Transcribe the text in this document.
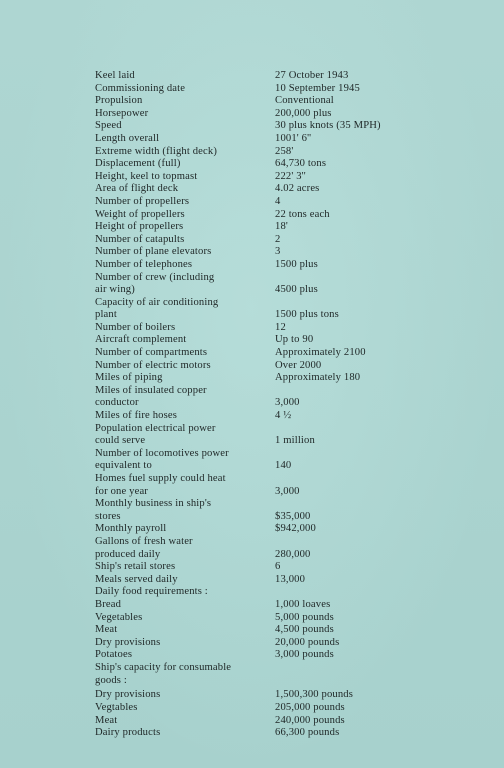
Keel laid	27 October 1943
Commissioning date	10 September 1945
Propulsion	Conventional
Horsepower	200,000 plus
Speed	30 plus knots (35 MPH)
Length overall	1001' 6''
Extreme width (flight deck)	258'
Displacement (full)	64,730 tons
Height, keel to topmast	222' 3''
Area of flight deck	4.02 acres
Number of propellers	4
Weight of propellers	22 tons each
Height of propellers	18'
Number of catapults	2
Number of plane elevators	3
Number of telephones	1500 plus
Number of crew (including
air wing)	4500 plus
Capacity of air conditioning
plant	1500 plus tons
Number of boilers	12
Aircraft complement	Up to 90
Number of compartments	Approximately 2100
Number of electric motors	Over 2000
Miles of piping	Approximately 180
Miles of insulated copper
conductor	3,000
Miles of fire hoses	4 ½
Population electrical power
could serve	1 million
Number of locomotives power
equivalent to	140
Homes fuel supply could heat
for one year	3,000
Monthly business in ship's
stores	$35,000
Monthly payroll	$942,000
Gallons of fresh water
produced daily	280,000
Ship's retail stores	6
Meals served daily	13,000
Daily food requirements :
Bread	1,000 loaves
Vegetables	5,000 pounds
Meat	4,500 pounds
Dry provisions	20,000 pounds
Potatoes	3,000 pounds
Ship's capacity for consumable
goods :
Dry provisions	1,500,300 pounds
Vegtables	205,000 pounds
Meat	240,000 pounds
Dairy products	66,300 pounds
